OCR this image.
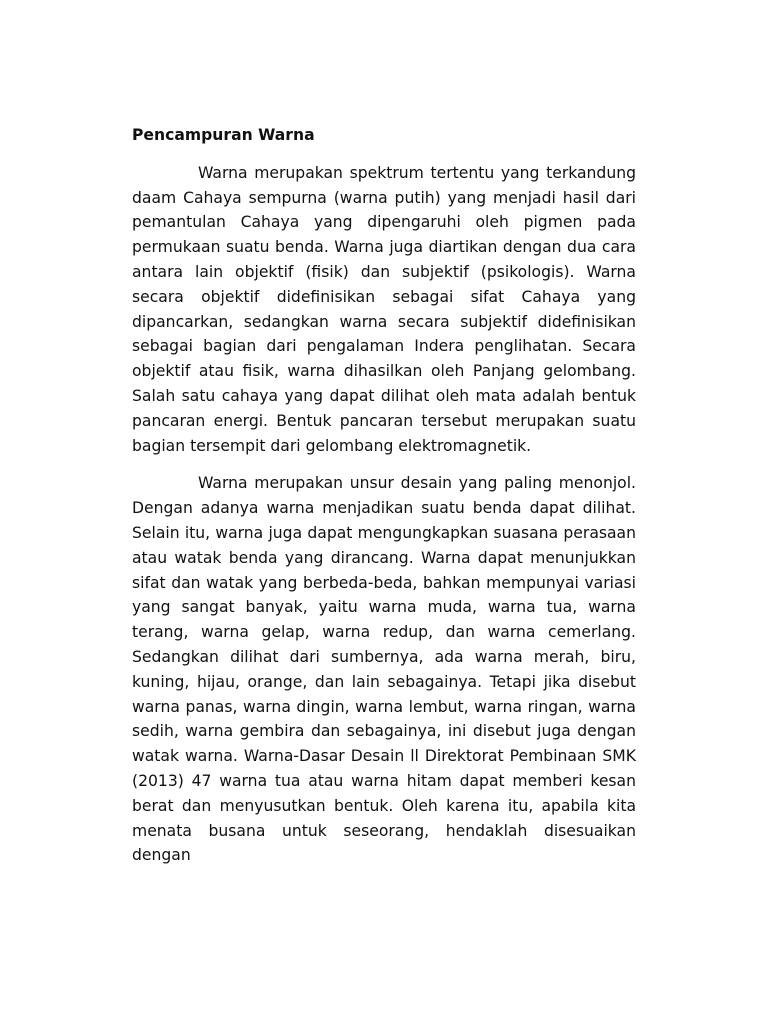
Pencampuran Warna

Warna merupakan spektrum tertentu yang terkandung daam Cahaya sempurna (warna putih) yang menjadi hasil dari pemantulan Cahaya yang dipengaruhi oleh pigmen pada permukaan suatu benda. Warna juga diartikan dengan dua cara antara lain objektif (fisik) dan subjektif (psikologis). Warna secara objektif didefinisikan sebagai sifat Cahaya yang dipancarkan, sedangkan warna secara subjektif didefinisikan sebagai bagian dari pengalaman Indera penglihatan. Secara objektif atau fisik, warna dihasilkan oleh Panjang gelombang. Salah satu cahaya yang dapat dilihat oleh mata adalah bentuk pancaran energi. Bentuk pancaran tersebut merupakan suatu bagian tersempit dari gelombang elektromagnetik.

Warna merupakan unsur desain yang paling menonjol. Dengan adanya warna menjadikan suatu benda dapat dilihat. Selain itu, warna juga dapat mengungkapkan suasana perasaan atau watak benda yang dirancang. Warna dapat menunjukkan sifat dan watak yang berbeda-beda, bahkan mempunyai variasi yang sangat banyak, yaitu warna muda, warna tua, warna terang, warna gelap, warna redup, dan warna cemerlang. Sedangkan dilihat dari sumbernya, ada warna merah, biru, kuning, hijau, orange, dan lain sebagainya. Tetapi jika disebut warna panas, warna dingin, warna lembut, warna ringan, warna sedih, warna gembira dan sebagainya, ini disebut juga dengan watak warna. Warna-Dasar Desain ll Direktorat Pembinaan SMK (2013) 47 warna tua atau warna hitam dapat memberi kesan berat dan menyusutkan bentuk. Oleh karena itu, apabila kita menata busana untuk seseorang, hendaklah disesuaikan dengan
